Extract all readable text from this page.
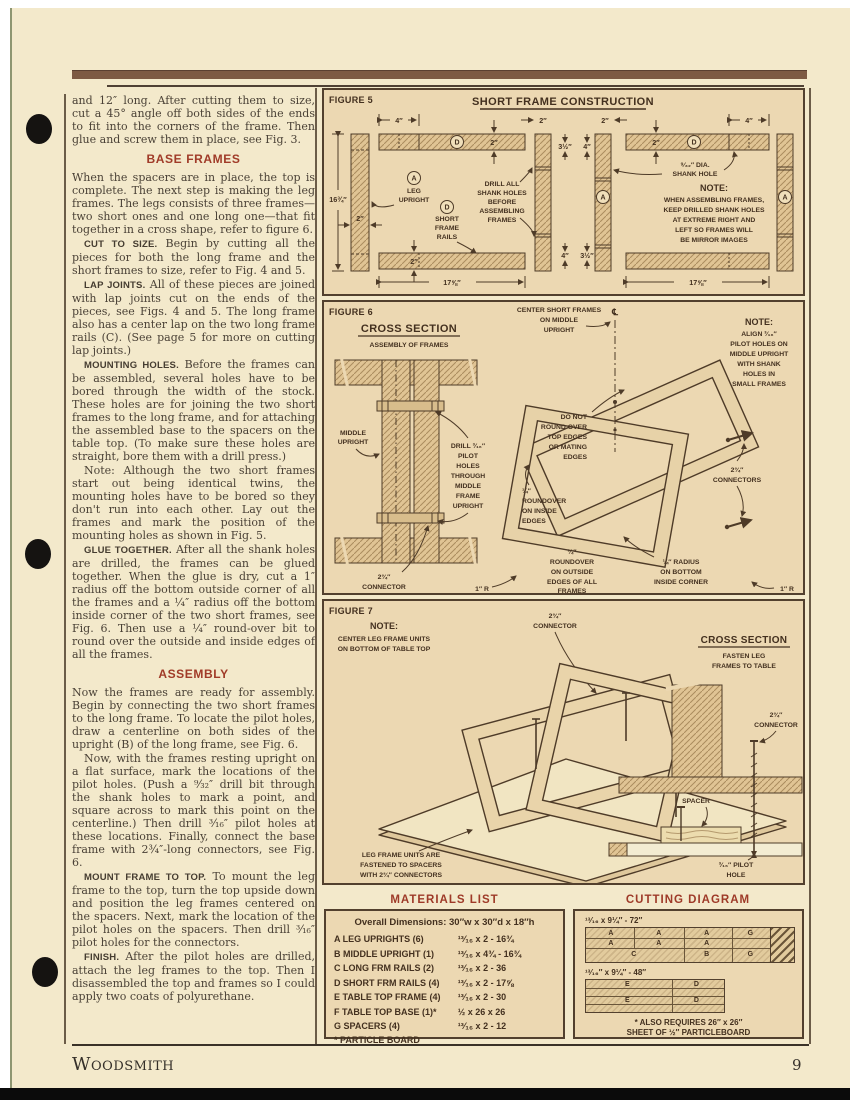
and 12″ long. After cutting them to size, cut a 45° angle off both sides of the ends to fit into the corners of the frame. Then glue and screw them in place, see Fig. 3.

BASE FRAMES

When the spacers are in place, the top is complete. The next step is making the leg frames. The legs consists of three frames—two short ones and one long one—that fit together in a cross shape, refer to figure 6.

CUT TO SIZE. Begin by cutting all the pieces for both the long frame and the short frames to size, refer to Fig. 4 and 5.

LAP JOINTS. All of these pieces are joined with lap joints cut on the ends of the pieces, see Figs. 4 and 5. The long frame also has a center lap on the two long frame rails (C). (See page 5 for more on cutting lap joints.)

MOUNTING HOLES. Before the frames can be assembled, several holes have to be bored through the width of the stock. These holes are for joining the two short frames to the long frame, and for attaching the assembled base to the spacers on the table top. (To make sure these holes are straight, bore them with a drill press.)

Note: Although the two short frames start out being identical twins, the mounting holes have to be bored so they don't run into each other. Lay out the frames and mark the position of the mounting holes as shown in Fig. 5.

GLUE TOGETHER. After all the shank holes are drilled, the frames can be glued together. When the glue is dry, cut a 1″ radius off the bottom outside corner of all the frames and a ¼″ radius off the bottom inside corner of the two short frames, see Fig. 6. Then use a ¼″ round-over bit to round over the outside and inside edges of all the frames.

ASSEMBLY

Now the frames are ready for assembly. Begin by connecting the two short frames to the long frame. To locate the pilot holes, draw a centerline on both sides of the upright (B) of the long frame, see Fig. 6.

Now, with the frames resting upright on a flat surface, mark the locations of the pilot holes. (Push a ⁹⁄₃₂″ drill bit through the shank holes to mark a point, and square across to mark this point on the centerline.) Then drill ³⁄₁₆″ pilot holes at these locations. Finally, connect the base frame with 2¾″-long connectors, see Fig. 6.

MOUNT FRAME TO TOP. To mount the leg frame to the top, turn the top upside down and position the leg frames centered on the spacers. Next, mark the location of the pilot holes on the spacers. Then drill ³⁄₁₆″ pilot holes for the connectors.

FINISH. After the pilot holes are drilled, attach the leg frames to the top. Then I disassembled the top and frames so I could apply two coats of polyurethane.

FIGURE 5	SHORT FRAME CONSTRUCTION
D
4″
16¾″
2″
2″
2″
17⅝″
A
LEG
UPRIGHT
D
SHORT
FRAME
RAILS
DRILL ALL
SHANK HOLES
BEFORE
ASSEMBLING
FRAMES
2″	2″
3½″ 4″
4″ 3½″
A	A
2″	D
4″
⁹⁄₃₂″ DIA.
SHANK HOLE
NOTE:
WHEN ASSEMBLING FRAMES,
KEEP DRILLED SHANK HOLES
AT EXTREME RIGHT AND
LEFT SO FRAMES WILL
BE MIRROR IMAGES
17⅝″
FIGURE 6
CROSS SECTION
ASSEMBLY OF FRAMES
MIDDLE
UPRIGHT
DRILL ³⁄₁₆″
PILOT
HOLES
THROUGH
MIDDLE
FRAME
UPRIGHT
2¾″
CONNECTOR	1″ R
CENTER SHORT FRAMES
ON MIDDLE
UPRIGHT
℄
NOTE:
ALIGN ³⁄₁₆″
PILOT HOLES ON
MIDDLE UPRIGHT
WITH SHANK
HOLES IN
SMALL FRAMES
DO NOT
ROUND OVER
TOP EDGES
OR MATING
EDGES
¼″
ROUNDOVER
ON INSIDE
EDGES
2¾″
CONNECTORS
¼″
ROUNDOVER
ON OUTSIDE
EDGES OF ALL
FRAMES
¼″ RADIUS
ON BOTTOM
INSIDE CORNER
1″ R
FIGURE 7
NOTE:
CENTER LEG FRAME UNITS
ON BOTTOM OF TABLE TOP
2¾″
CONNECTOR
LEG FRAME UNITS ARE
FASTENED TO SPACERS
WITH 2¾″ CONNECTORS
CROSS SECTION
FASTEN LEG
FRAMES TO TABLE
2¾″
CONNECTOR
SPACER
³⁄₁₆″ PILOT
HOLE
MATERIALS LIST
Overall Dimensions: 30″w x 30″d x 18″h
A LEG UPRIGHTS (6)	¹³⁄₁₆ x 2 - 16¾
B MIDDLE UPRIGHT (1)	¹³⁄₁₆ x 4¾ - 16¾
C LONG FRM RAILS (2)	¹³⁄₁₆ x 2 - 36
D SHORT FRM RAILS (4)	¹³⁄₁₆ x 2 - 17⅝
E TABLE TOP FRAME (4)	¹³⁄₁₆ x 2 - 30
F TABLE TOP BASE (1)*	½ x 26 x 26
G SPACERS (4)	¹³⁄₁₆ x 2 - 12
* PARTICLE BOARD
CUTTING DIAGRAM
¹³⁄₁₆ x 9¼″ - 72″
A	A	A	G
A	A	A
C	B	G
¹³⁄₁₆″ x 9¼″ - 48″
E	D
E	D
* ALSO REQUIRES 26″ x 26″
SHEET OF ½″ PARTICLEBOARD
Woodsmith	9
